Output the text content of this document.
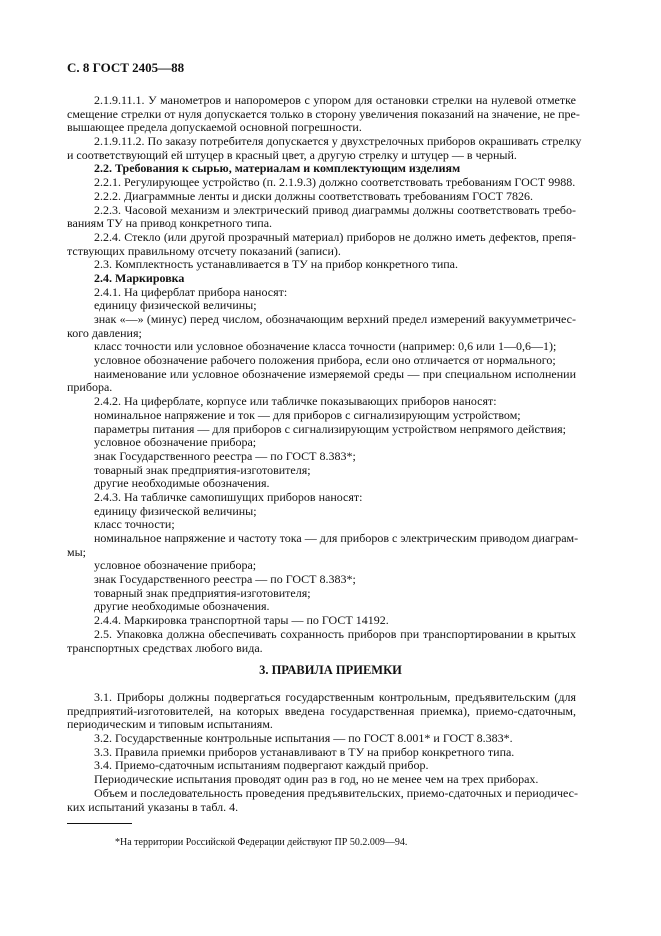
С. 8 ГОСТ 2405—88
2.1.9.11.1. У манометров и напоромеров с упором для остановки стрелки на нулевой отметке
смещение стрелки от нуля допускается только в сторону увеличения показаний на значение, не пре-
вышающее предела допускаемой основной погрешности.
2.1.9.11.2. По заказу потребителя допускается у двухстрелочных приборов окрашивать стрелку
и соответствующий ей штуцер в красный цвет, а другую стрелку и штуцер — в черный.
2.2. Требования к сырью, материалам и комплектующим изделиям
2.2.1. Регулирующее устройство (п. 2.1.9.3) должно соответствовать требованиям ГОСТ 9988.
2.2.2. Диаграммные ленты и диски должны соответствовать требованиям ГОСТ 7826.
2.2.3. Часовой механизм и электрический привод диаграммы должны соответствовать требо-
ваниям ТУ на привод конкретного типа.
2.2.4. Стекло (или другой прозрачный материал) приборов не должно иметь дефектов, препя-
тствующих правильному отсчету показаний (записи).
2.3. Комплектность устанавливается в ТУ на прибор конкретного типа.
2.4. Маркировка
2.4.1. На циферблат прибора наносят:
единицу физической величины;
знак «—» (минус) перед числом, обозначающим верхний предел измерений вакуумметричес-
кого давления;
класс точности или условное обозначение класса точности (например: 0,6 или 1—0,6—1);
условное обозначение рабочего положения прибора, если оно отличается от нормального;
наименование или условное обозначение измеряемой среды — при специальном исполнении
прибора.
2.4.2. На циферблате, корпусе или табличке показывающих приборов наносят:
номинальное напряжение и ток — для приборов с сигнализирующим устройством;
параметры питания — для приборов с сигнализирующим устройством непрямого действия;
условное обозначение прибора;
знак Государственного реестра — по ГОСТ 8.383*;
товарный знак предприятия-изготовителя;
другие необходимые обозначения.
2.4.3. На табличке самопишущих приборов наносят:
единицу физической величины;
класс точности;
номинальное напряжение и частоту тока — для приборов с электрическим приводом диаграм-
мы;
условное обозначение прибора;
знак Государственного реестра — по ГОСТ 8.383*;
товарный знак предприятия-изготовителя;
другие необходимые обозначения.
2.4.4. Маркировка транспортной тары — по ГОСТ 14192.
2.5. Упаковка должна обеспечивать сохранность приборов при транспортировании в крытых
транспортных средствах любого вида.
3. ПРАВИЛА ПРИЕМКИ
3.1. Приборы должны подвергаться государственным контрольным, предъявительским (для
предприятий-изготовителей, на которых введена государственная приемка), приемо-сдаточным,
периодическим и типовым испытаниям.
3.2. Государственные контрольные испытания — по ГОСТ 8.001* и ГОСТ 8.383*.
3.3. Правила приемки приборов устанавливают в ТУ на прибор конкретного типа.
3.4. Приемо-сдаточным испытаниям подвергают каждый прибор.
Периодические испытания проводят один раз в год, но не менее чем на трех приборах.
Объем и последовательность проведения предъявительских, приемо-сдаточных и периодичес-
ких испытаний указаны в табл. 4.
*На территории Российской Федерации действуют ПР 50.2.009—94.
